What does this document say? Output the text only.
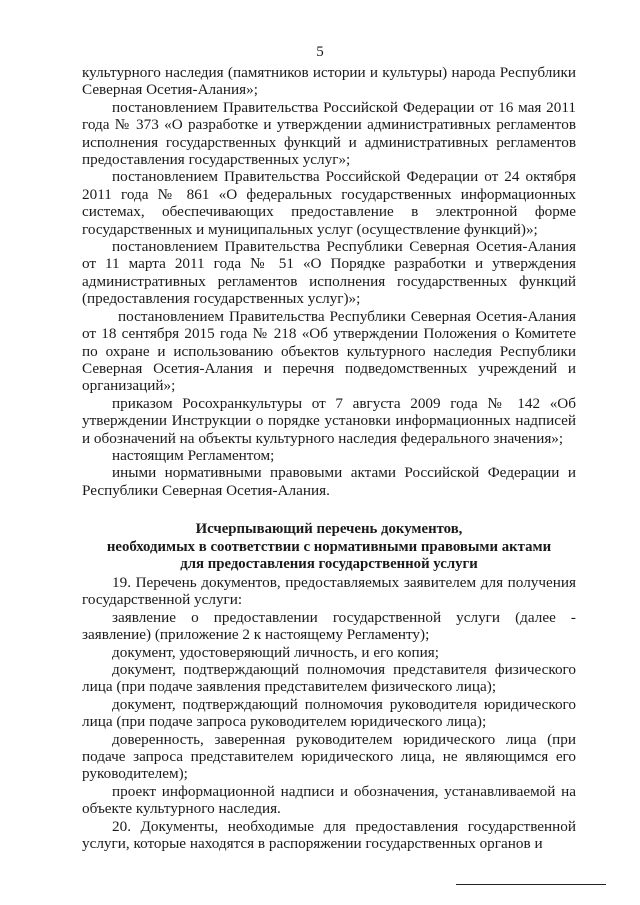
5

культурного наследия (памятников истории и культуры) народа Республики Северная Осетия-Алания»;

постановлением Правительства Российской Федерации от 16 мая 2011 года № 373 «О разработке и утверждении административных регламентов исполнения государственных функций и административных регламентов предоставления государственных услуг»;

постановлением Правительства Российской Федерации от 24 октября 2011 года № 861 «О федеральных государственных информационных системах, обеспечивающих предоставление в электронной форме государственных и муниципальных услуг (осуществление функций)»;

постановлением Правительства Республики Северная Осетия-Алания от 11 марта 2011 года № 51 «О Порядке разработки и утверждения административных регламентов исполнения государственных функций (предоставления государственных услуг)»;

постановлением Правительства Республики Северная Осетия-Алания от 18 сентября 2015 года № 218 «Об утверждении Положения о Комитете по охране и использованию объектов культурного наследия Республики Северная Осетия-Алания и перечня подведомственных учреждений и организаций»;

приказом Росохранкультуры от 7 августа 2009 года № 142 «Об утверждении Инструкции о порядке установки информационных надписей и обозначений на объекты культурного наследия федерального значения»;

настоящим Регламентом;

иными нормативными правовыми актами Российской Федерации и Республики Северная Осетия-Алания.

Исчерпывающий перечень документов,
необходимых в соответствии с нормативными правовыми актами
для предоставления государственной услуги

19. Перечень документов, предоставляемых заявителем для получения государственной услуги:

заявление о предоставлении государственной услуги (далее - заявление) (приложение 2 к настоящему Регламенту);

документ, удостоверяющий личность, и его копия;

документ, подтверждающий полномочия представителя физического лица (при подаче заявления представителем физического лица);

документ, подтверждающий полномочия руководителя юридического лица (при подаче запроса руководителем юридического лица);

доверенность, заверенная руководителем юридического лица (при подаче запроса представителем юридического лица, не являющимся его руководителем);

проект информационной надписи и обозначения, устанавливаемой на объекте культурного наследия.

20. Документы, необходимые для предоставления государственной услуги, которые находятся в распоряжении государственных органов и
